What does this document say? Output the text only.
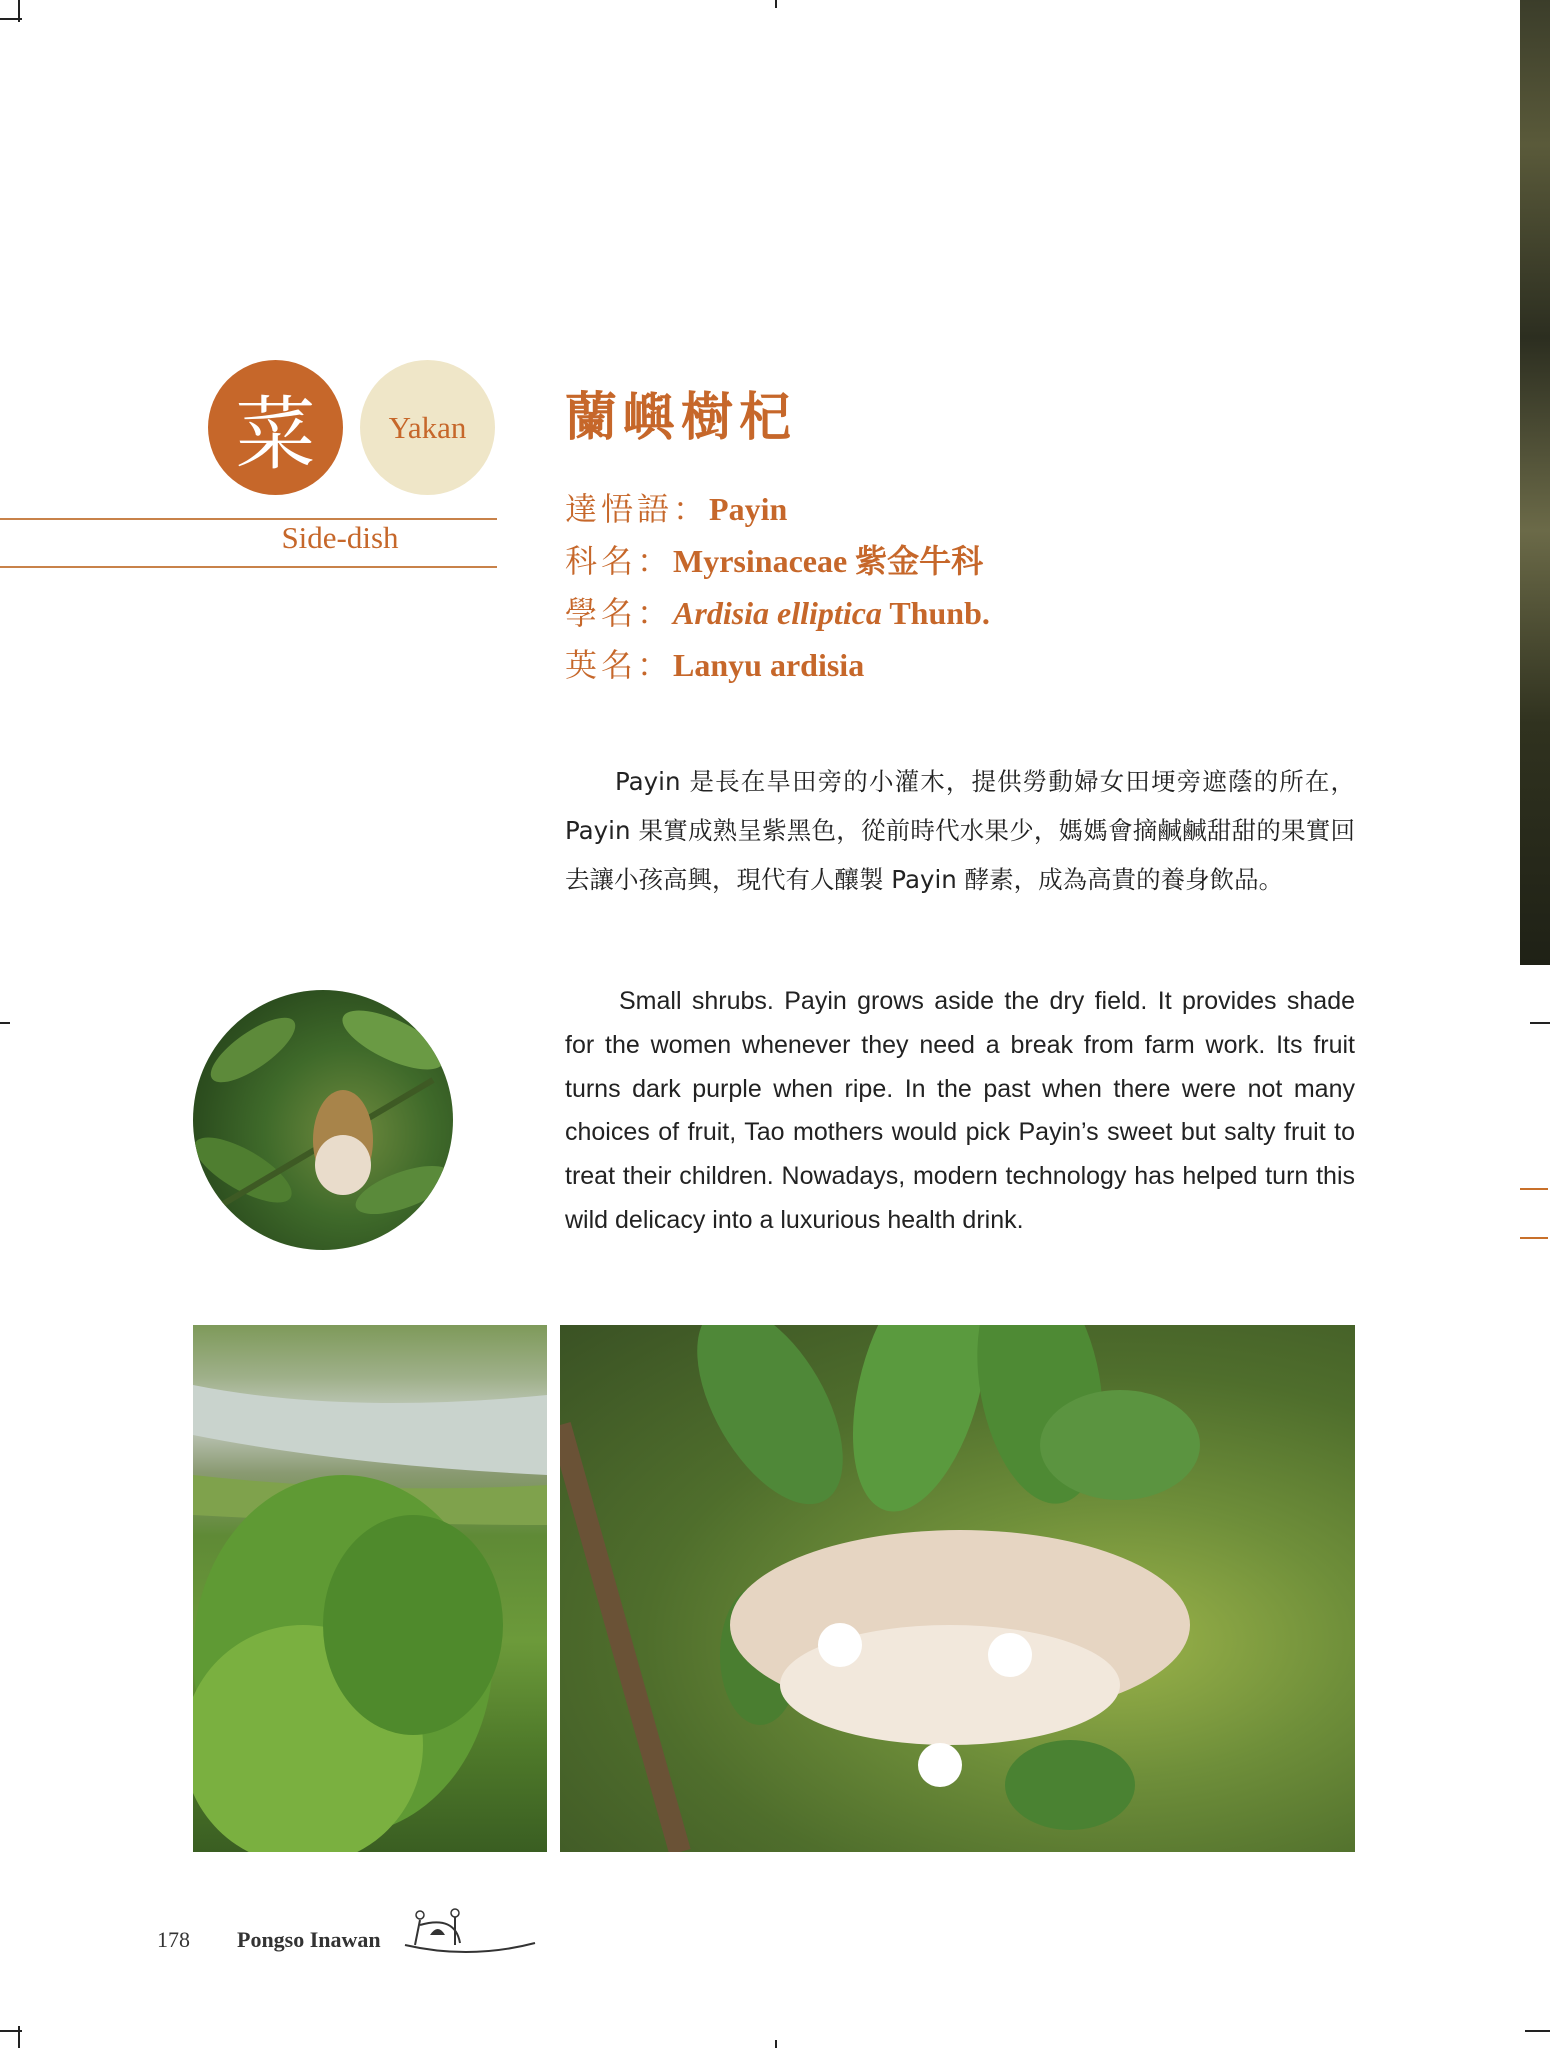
菜	Yakan
Side-dish
蘭嶼樹杞
達悟語：Payin
科名：Myrsinaceae 紫金牛科
學名：Ardisia elliptica Thunb.
英名：Lanyu ardisia
Payin 是長在旱田旁的小灌木，提供勞動婦女田埂旁遮蔭的所在，Payin 果實成熟呈紫黑色，從前時代水果少，媽媽會摘鹹鹹甜甜的果實回去讓小孩高興，現代有人釀製 Payin 酵素，成為高貴的養身飲品。
Small shrubs. Payin grows aside the dry field. It provides shade for the women whenever they need a break from farm work. Its fruit turns dark purple when ripe. In the past when there were not many choices of fruit, Tao mothers would pick Payin’s sweet but salty fruit to treat their children. Nowadays, modern technology has helped turn this wild delicacy into a luxurious health drink.
178 Pongso Inawan
